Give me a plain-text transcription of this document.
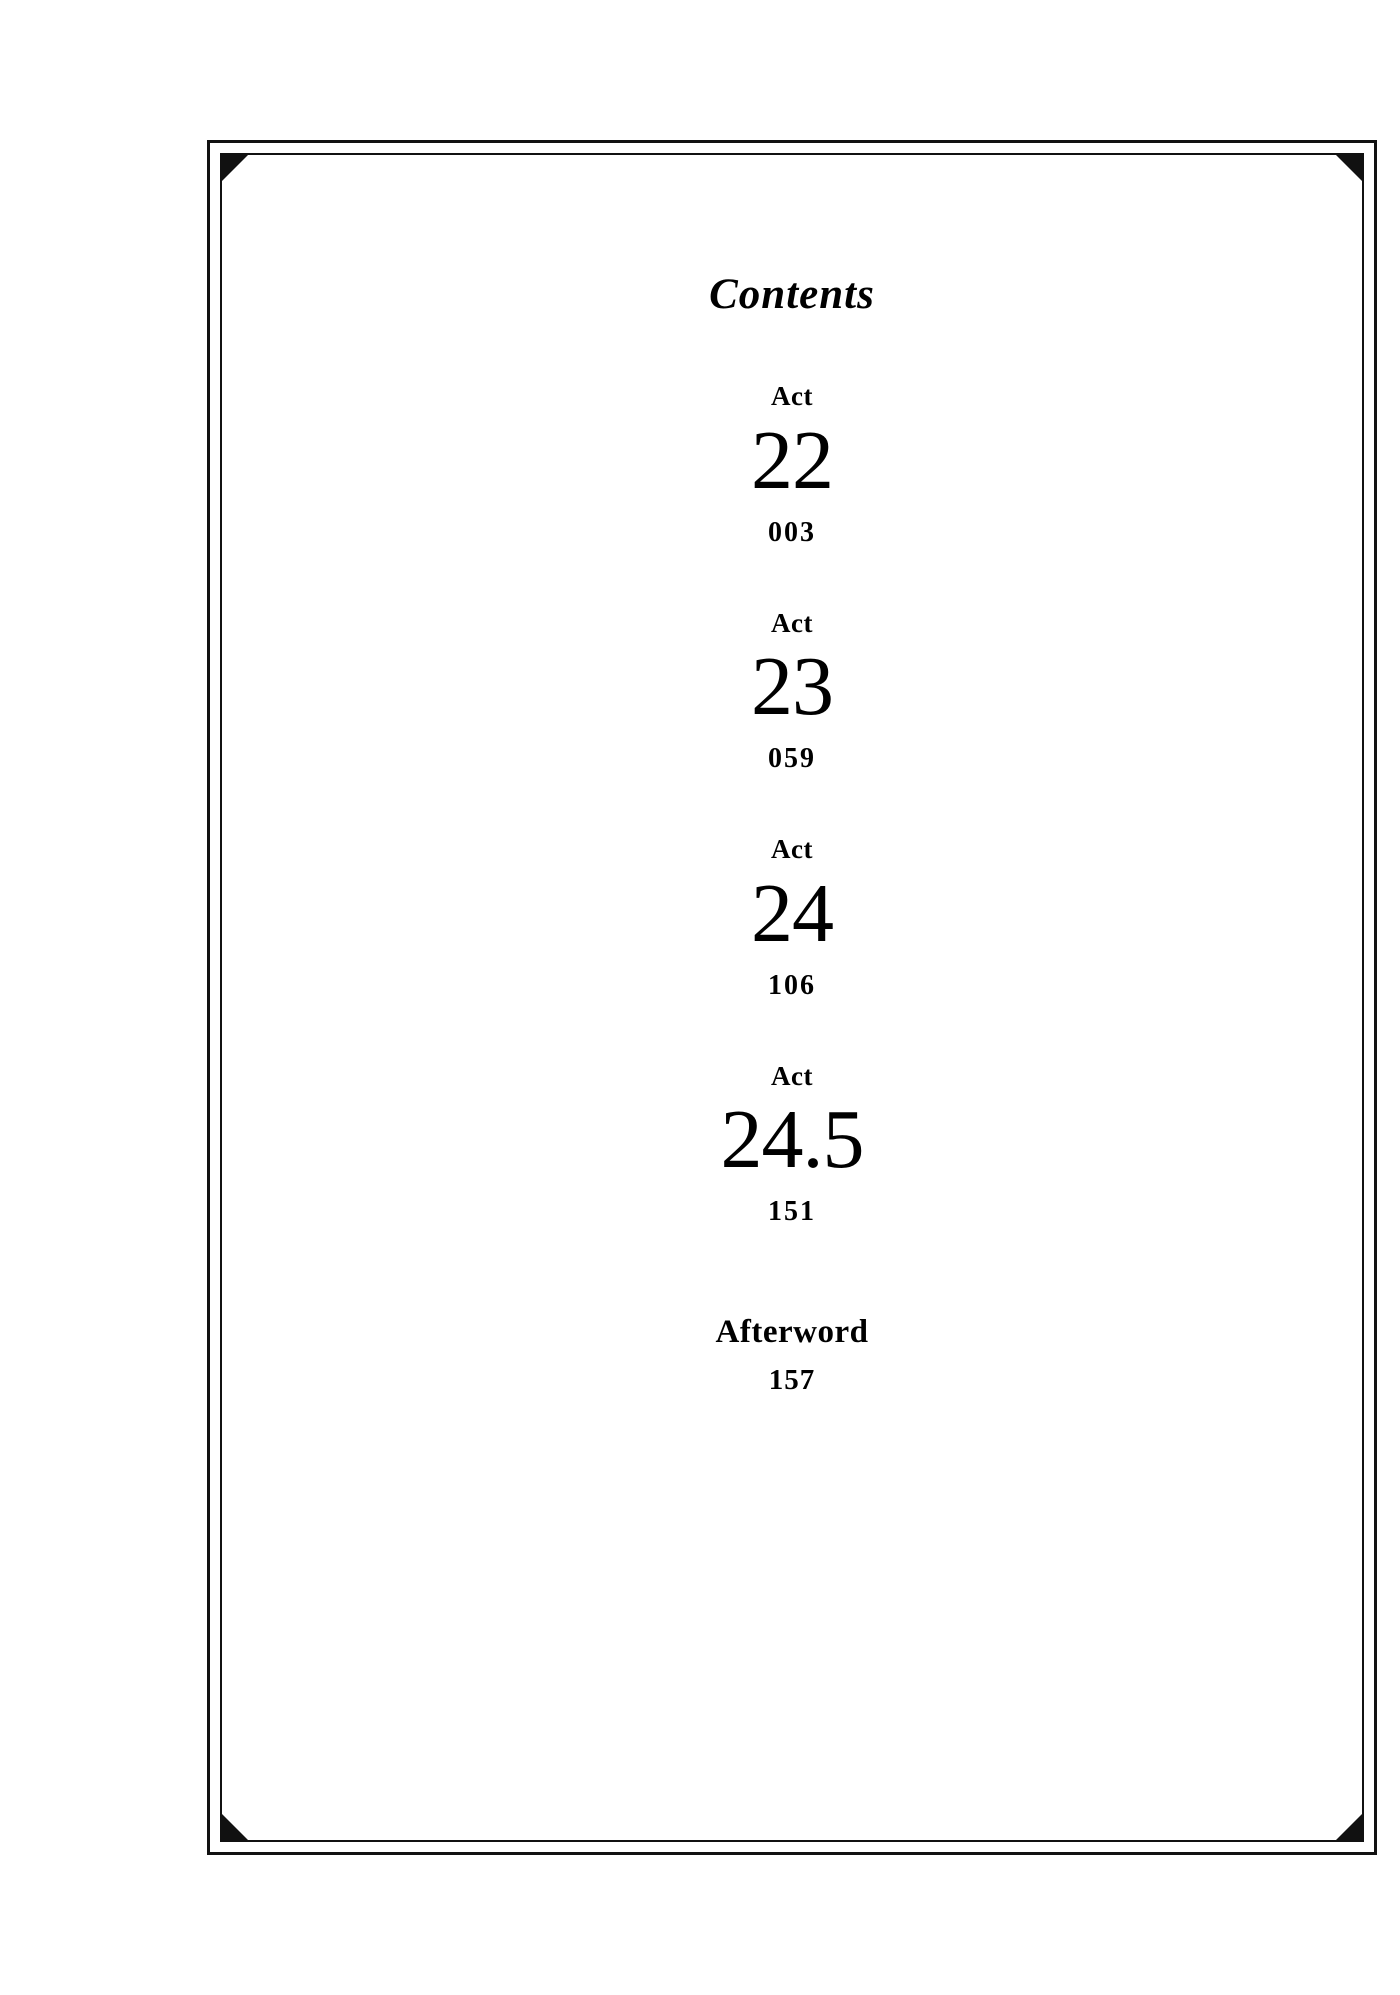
Contents
Act
22
003
Act
23
059
Act
24
106
Act
24.5
151
Afterword
157
